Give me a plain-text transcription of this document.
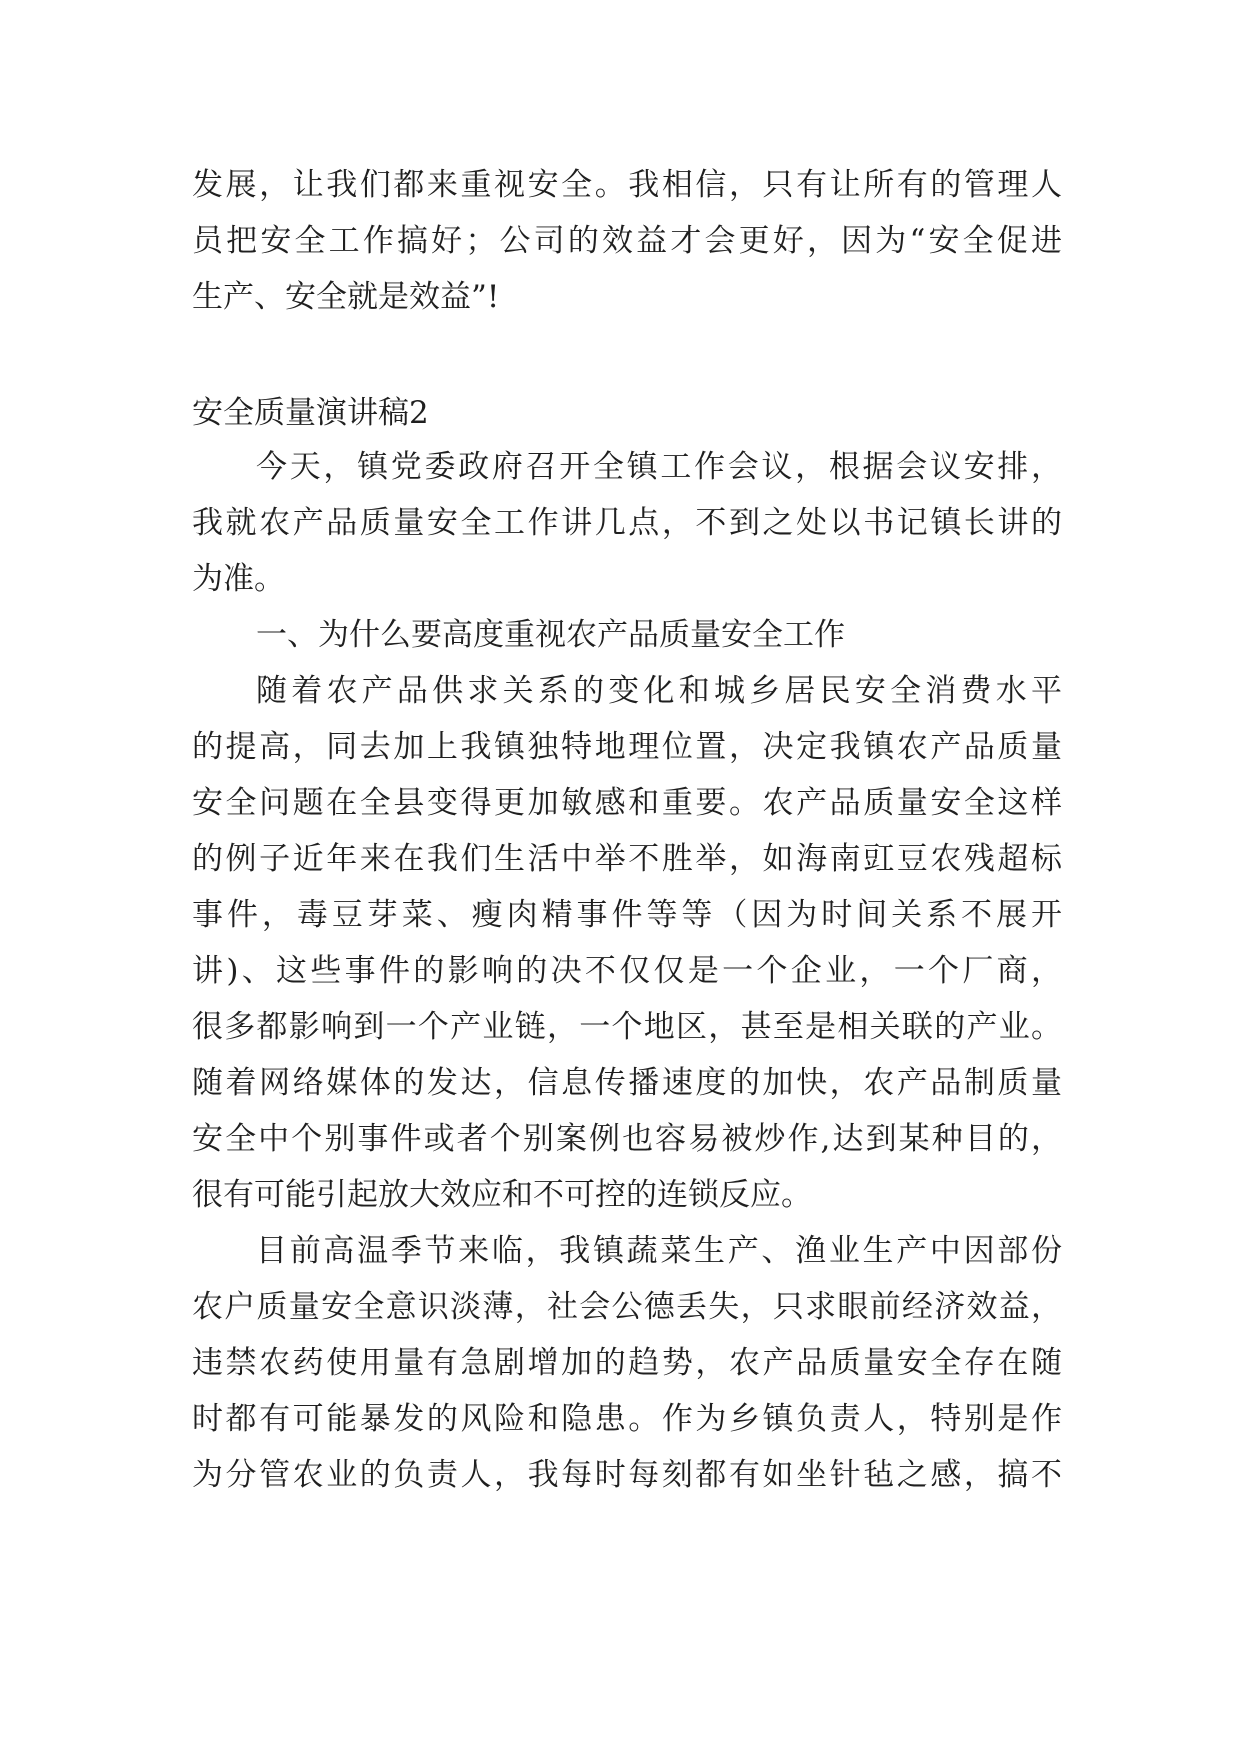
发展，让我们都来重视安全。我相信，只有让所有的管理人
员把安全工作搞好；公司的效益才会更好，因为“安全促进
生产、安全就是效益”!
安全质量演讲稿2
今天，镇党委政府召开全镇工作会议，根据会议安排，
我就农产品质量安全工作讲几点，不到之处以书记镇长讲的
为准。
一、为什么要高度重视农产品质量安全工作
随着农产品供求关系的变化和城乡居民安全消费水平
的提高，同去加上我镇独特地理位置，决定我镇农产品质量
安全问题在全县变得更加敏感和重要。农产品质量安全这样
的例子近年来在我们生活中举不胜举，如海南豇豆农残超标
事件，毒豆芽菜、瘦肉精事件等等（因为时间关系不展开
讲)、这些事件的影响的决不仅仅是一个企业，一个厂商，
很多都影响到一个产业链，一个地区，甚至是相关联的产业。
随着网络媒体的发达，信息传播速度的加快，农产品制质量
安全中个别事件或者个别案例也容易被炒作,达到某种目的，
很有可能引起放大效应和不可控的连锁反应。
目前高温季节来临，我镇蔬菜生产、渔业生产中因部份
农户质量安全意识淡薄，社会公德丢失，只求眼前经济效益，
违禁农药使用量有急剧增加的趋势，农产品质量安全存在随
时都有可能暴发的风险和隐患。作为乡镇负责人，特别是作
为分管农业的负责人，我每时每刻都有如坐针毡之感，搞不
